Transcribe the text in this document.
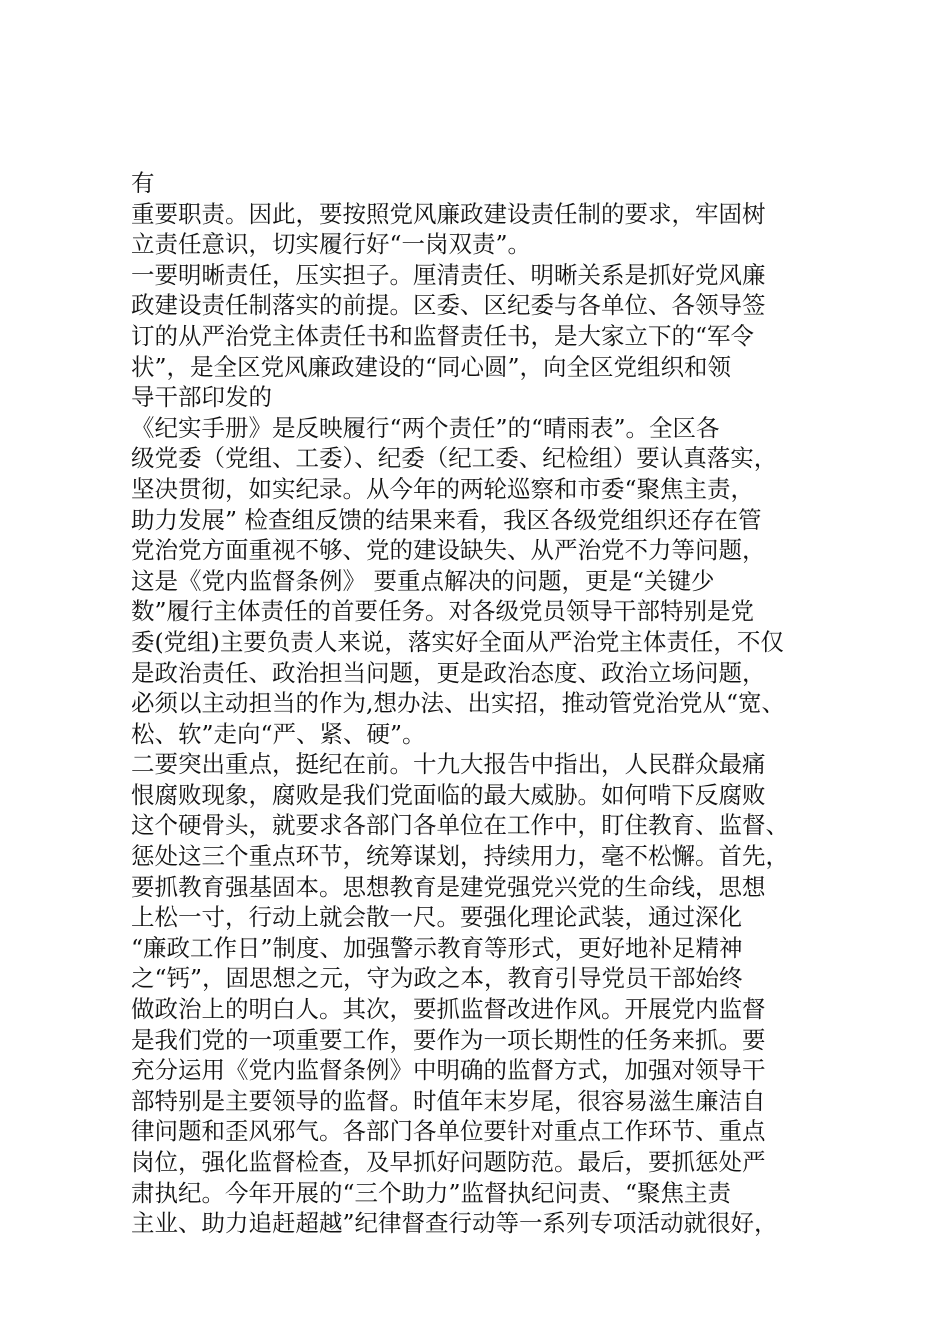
有
重要职责。因此，要按照党风廉政建设责任制的要求，牢固树
立责任意识，切实履行好“一岗双责”。
一要明晰责任，压实担子。厘清责任、明晰关系是抓好党风廉
政建设责任制落实的前提。区委、区纪委与各单位、各领导签
订的从严治党主体责任书和监督责任书，是大家立下的“军令
状”，是全区党风廉政建设的“同心圆”，向全区党组织和领
导干部印发的
《纪实手册》是反映履行“两个责任”的“晴雨表”。全区各
级党委（党组、工委）、纪委（纪工委、纪检组）要认真落实，
坚决贯彻，如实纪录。从今年的两轮巡察和市委“聚焦主责，
助力发展” 检查组反馈的结果来看，我区各级党组织还存在管
党治党方面重视不够、党的建设缺失、从严治党不力等问题，
这是《党内监督条例》 要重点解决的问题，更是“关键少
数”履行主体责任的首要任务。对各级党员领导干部特别是党
委(党组)主要负责人来说，落实好全面从严治党主体责任，不仅
是政治责任、政治担当问题，更是政治态度、政治立场问题，
必须以主动担当的作为,想办法、出实招，推动管党治党从“宽、
松、软”走向“严、紧、硬”。
二要突出重点，挺纪在前。十九大报告中指出，人民群众最痛
恨腐败现象，腐败是我们党面临的最大威胁。如何啃下反腐败
这个硬骨头，就要求各部门各单位在工作中，盯住教育、监督、
惩处这三个重点环节，统筹谋划，持续用力，毫不松懈。首先，
要抓教育强基固本。思想教育是建党强党兴党的生命线，思想
上松一寸，行动上就会散一尺。要强化理论武装，通过深化
“廉政工作日”制度、加强警示教育等形式，更好地补足精神
之“钙”，固思想之元，守为政之本，教育引导党员干部始终
做政治上的明白人。其次，要抓监督改进作风。开展党内监督
是我们党的一项重要工作，要作为一项长期性的任务来抓。要
充分运用《党内监督条例》中明确的监督方式，加强对领导干
部特别是主要领导的监督。时值年末岁尾，很容易滋生廉洁自
律问题和歪风邪气。各部门各单位要针对重点工作环节、重点
岗位，强化监督检查，及早抓好问题防范。最后，要抓惩处严
肃执纪。今年开展的“三个助力”监督执纪问责、“聚焦主责
主业、助力追赶超越”纪律督查行动等一系列专项活动就很好，
